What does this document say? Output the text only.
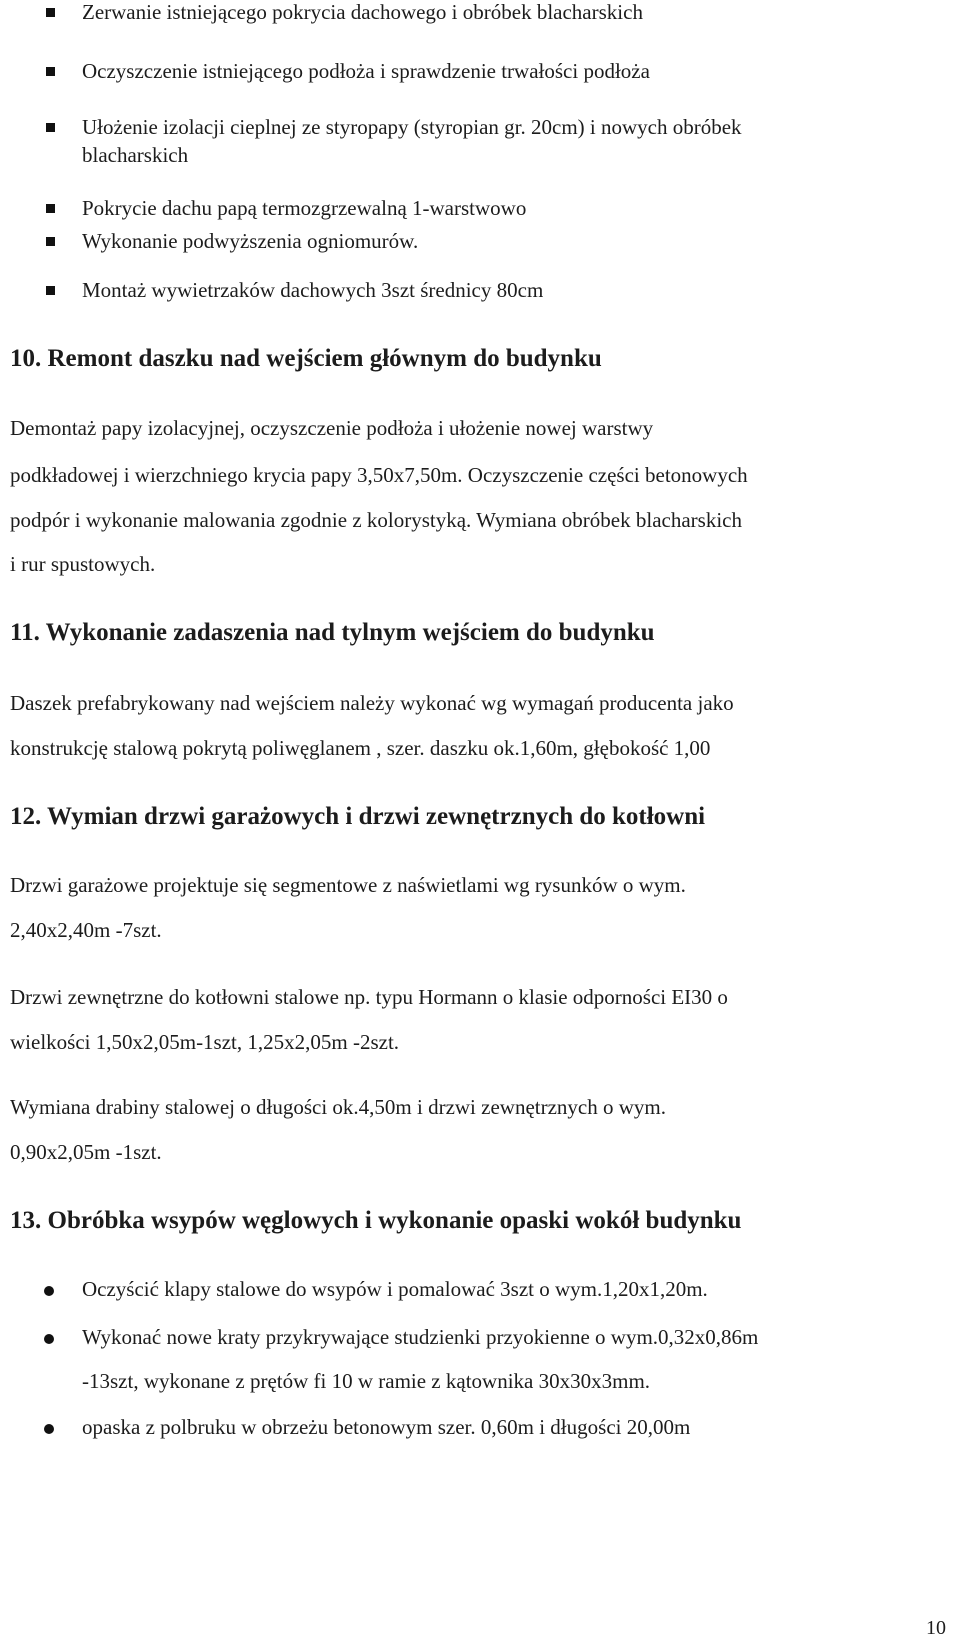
Zerwanie istniejącego pokrycia dachowego i obróbek blacharskich
Oczyszczenie istniejącego podłoża i sprawdzenie trwałości podłoża
Ułożenie izolacji cieplnej ze styropapy (styropian gr. 20cm) i nowych obróbek
blacharskich
Pokrycie dachu papą termozgrzewalną 1-warstwowo
Wykonanie podwyższenia ogniomurów.
Montaż wywietrzaków dachowych 3szt średnicy 80cm
10. Remont daszku nad wejściem głównym do budynku
Demontaż papy izolacyjnej, oczyszczenie podłoża i ułożenie nowej warstwy
podkładowej i wierzchniego krycia papy 3,50x7,50m. Oczyszczenie części betonowych
podpór i wykonanie malowania zgodnie z kolorystyką. Wymiana obróbek blacharskich
i rur spustowych.
11. Wykonanie zadaszenia nad tylnym wejściem do budynku
Daszek prefabrykowany nad wejściem należy wykonać wg wymagań producenta jako
konstrukcję stalową pokrytą poliwęglanem , szer. daszku ok.1,60m, głębokość 1,00
12. Wymian drzwi garażowych i drzwi zewnętrznych do kotłowni
Drzwi garażowe projektuje się segmentowe z naświetlami wg rysunków o wym.
2,40x2,40m -7szt.
Drzwi zewnętrzne do kotłowni stalowe np. typu Hormann o klasie odporności EI30 o
wielkości 1,50x2,05m-1szt, 1,25x2,05m -2szt.
Wymiana drabiny stalowej o długości ok.4,50m i drzwi zewnętrznych o wym.
0,90x2,05m -1szt.
13. Obróbka wsypów węglowych i wykonanie opaski wokół budynku
Oczyścić klapy stalowe do wsypów i pomalować 3szt o wym.1,20x1,20m.
Wykonać nowe kraty przykrywające studzienki przyokienne o wym.0,32x0,86m
-13szt, wykonane z prętów fi 10 w ramie z kątownika 30x30x3mm.
opaska z polbruku w obrzeżu betonowym szer. 0,60m i długości 20,00m
10
